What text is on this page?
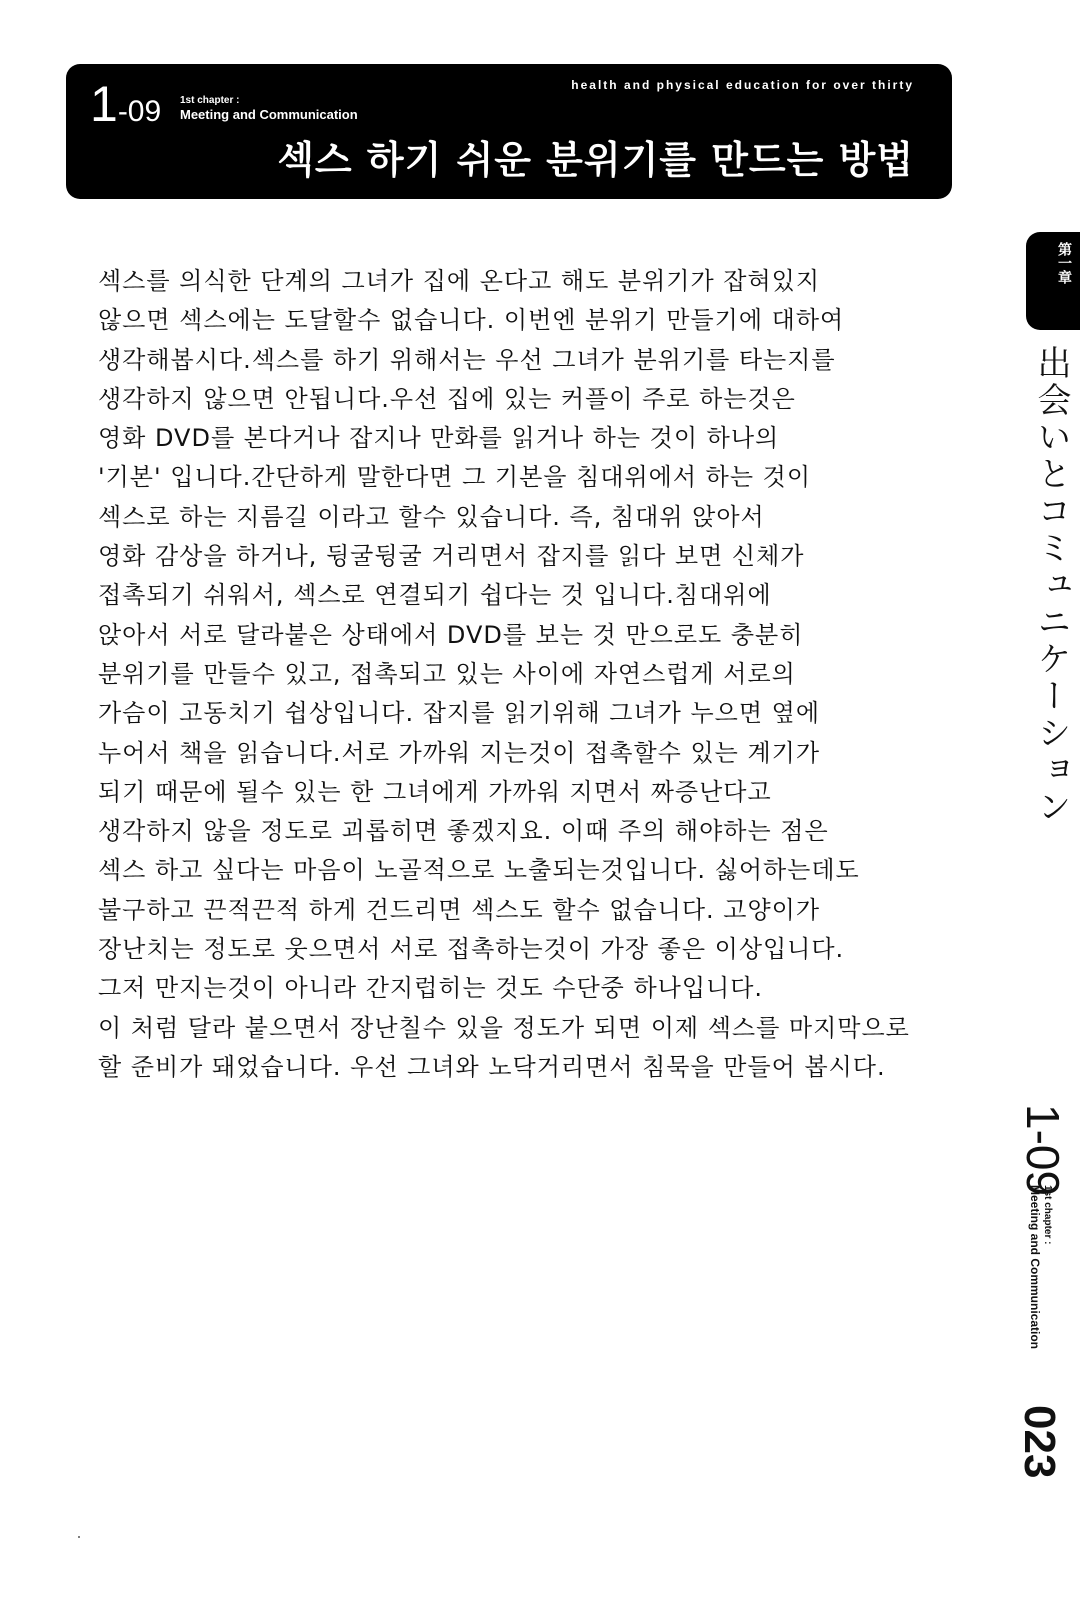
1-09 1st chapter :
Meeting and Communication
health and physical education for over thirty
섹스 하기 쉬운 분위기를 만드는 방법
섹스를 의식한 단계의 그녀가 집에 온다고 해도 분위기가 잡혀있지
않으면 섹스에는 도달할수 없습니다. 이번엔 분위기 만들기에 대하여
생각해봅시다.섹스를 하기 위해서는 우선 그녀가 분위기를 타는지를
생각하지 않으면 안됩니다.우선 집에 있는 커플이 주로 하는것은
영화 DVD를 본다거나 잡지나 만화를 읽거나 하는 것이 하나의
'기본' 입니다.간단하게 말한다면 그 기본을 침대위에서 하는 것이
섹스로 하는 지름길 이라고 할수 있습니다. 즉, 침대위 앉아서
영화 감상을 하거나, 뒹굴뒹굴 거리면서 잡지를 읽다 보면 신체가
접촉되기 쉬워서, 섹스로 연결되기 쉽다는 것 입니다.침대위에
앉아서 서로 달라붙은 상태에서 DVD를 보는 것 만으로도 충분히
분위기를 만들수 있고, 접촉되고 있는 사이에 자연스럽게 서로의
가슴이 고동치기 쉽상입니다. 잡지를 읽기위해 그녀가 누으면 옆에
누어서 책을 읽습니다.서로 가까워 지는것이 접촉할수 있는 계기가
되기 때문에 될수 있는 한 그녀에게 가까워 지면서 짜증난다고
생각하지 않을 정도로 괴롭히면 좋겠지요. 이때 주의 해야하는 점은
섹스 하고 싶다는 마음이 노골적으로 노출되는것입니다. 싫어하는데도
불구하고 끈적끈적 하게 건드리면 섹스도 할수 없습니다. 고양이가
장난치는 정도로 웃으면서 서로 접촉하는것이 가장 좋은 이상입니다.
그저 만지는것이 아니라 간지럽히는 것도 수단중 하나입니다.
이 처럼 달라 붙으면서 장난칠수 있을 정도가 되면 이제 섹스를 마지막으로
할 준비가 돼었습니다. 우선 그녀와 노닥거리면서 침묵을 만들어 봅시다.
第一章
出会いとコミュニケーション
1-09
1st chapter :
Meeting and Communication
023
